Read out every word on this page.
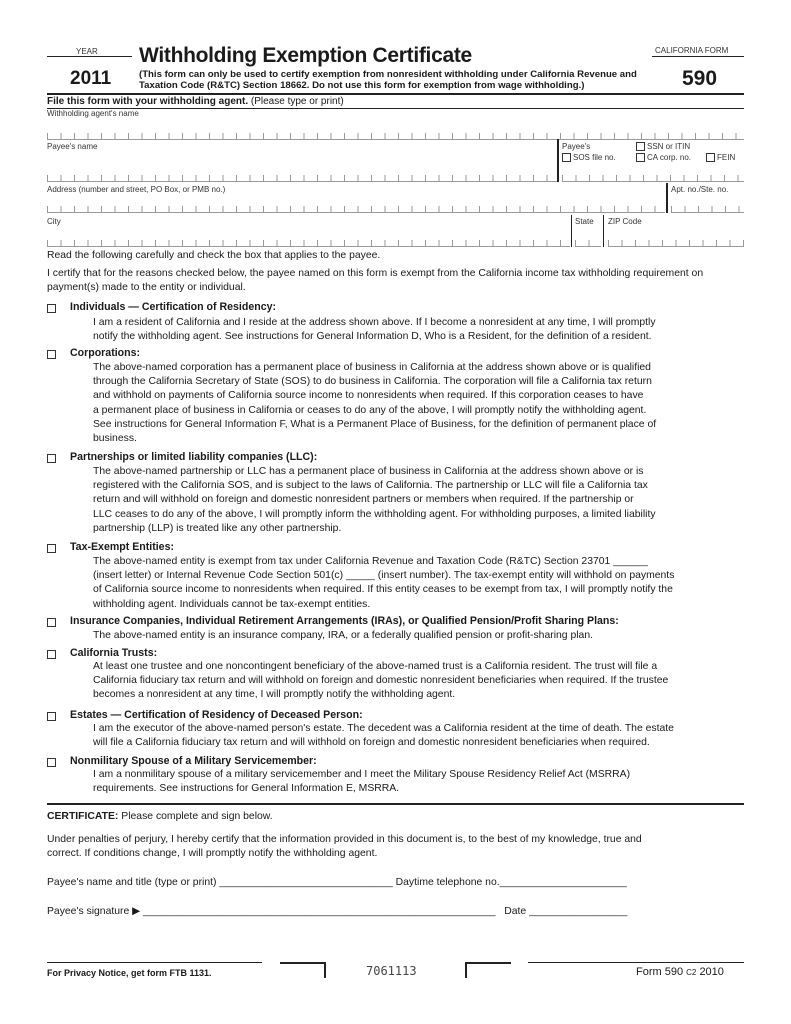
YEAR
2011
Withholding Exemption Certificate
(This form can only be used to certify exemption from nonresident withholding under California Revenue and Taxation Code (R&TC) Section 18662. Do not use this form for exemption from wage withholding.)
CALIFORNIA FORM
590
File this form with your withholding agent. (Please type or print)
Withholding agent's name
Payee's name	Payee's	SSN or ITIN
SOS file no.	CA corp. no.	FEIN
Address (number and street, PO Box, or PMB no.)	Apt. no./Ste. no.
City	State ZIP Code
Read the following carefully and check the box that applies to the payee.
I certify that for the reasons checked below, the payee named on this form is exempt from the California income tax withholding requirement on payment(s) made to the entity or individual.
Individuals — Certification of Residency:
I am a resident of California and I reside at the address shown above. If I become a nonresident at any time, I will promptly
notify the withholding agent. See instructions for General Information D, Who is a Resident, for the definition of a resident.
Corporations:
The above-named corporation has a permanent place of business in California at the address shown above or is qualified
through the California Secretary of State (SOS) to do business in California. The corporation will file a California tax return
and withhold on payments of California source income to nonresidents when required. If this corporation ceases to have
a permanent place of business in California or ceases to do any of the above, I will promptly notify the withholding agent.
See instructions for General Information F, What is a Permanent Place of Business, for the definition of permanent place of
business.
Partnerships or limited liability companies (LLC):
The above-named partnership or LLC has a permanent place of business in California at the address shown above or is
registered with the California SOS, and is subject to the laws of California. The partnership or LLC will file a California tax
return and will withhold on foreign and domestic nonresident partners or members when required. If the partnership or
LLC ceases to do any of the above, I will promptly inform the withholding agent. For withholding purposes, a limited liability
partnership (LLP) is treated like any other partnership.
Tax-Exempt Entities:
The above-named entity is exempt from tax under California Revenue and Taxation Code (R&TC) Section 23701 ______
(insert letter) or Internal Revenue Code Section 501(c) _____ (insert number). The tax-exempt entity will withhold on payments
of California source income to nonresidents when required. If this entity ceases to be exempt from tax, I will promptly notify the
withholding agent. Individuals cannot be tax-exempt entities.
Insurance Companies, Individual Retirement Arrangements (IRAs), or Qualified Pension/Profit Sharing Plans:
The above-named entity is an insurance company, IRA, or a federally qualified pension or profit-sharing plan.
California Trusts:
At least one trustee and one noncontingent beneficiary of the above-named trust is a California resident. The trust will file a
California fiduciary tax return and will withhold on foreign and domestic nonresident beneficiaries when required. If the trustee
becomes a nonresident at any time, I will promptly notify the withholding agent.
Estates — Certification of Residency of Deceased Person:
I am the executor of the above-named person's estate. The decedent was a California resident at the time of death. The estate
will file a California fiduciary tax return and will withhold on foreign and domestic nonresident beneficiaries when required.
Nonmilitary Spouse of a Military Servicemember:
I am a nonmilitary spouse of a military servicemember and I meet the Military Spouse Residency Relief Act (MSRRA)
requirements. See instructions for General Information E, MSRRA.
CERTIFICATE: Please complete and sign below.
Under penalties of perjury, I hereby certify that the information provided in this document is, to the best of my knowledge, true and
correct. If conditions change, I will promptly notify the withholding agent.
Payee's name and title (type or print) ______________________________ Daytime telephone no.______________________
Payee's signature ▶ _____________________________________________________________ Date _________________
For Privacy Notice, get form FTB 1131.	7061113	Form 590 C2 2010
